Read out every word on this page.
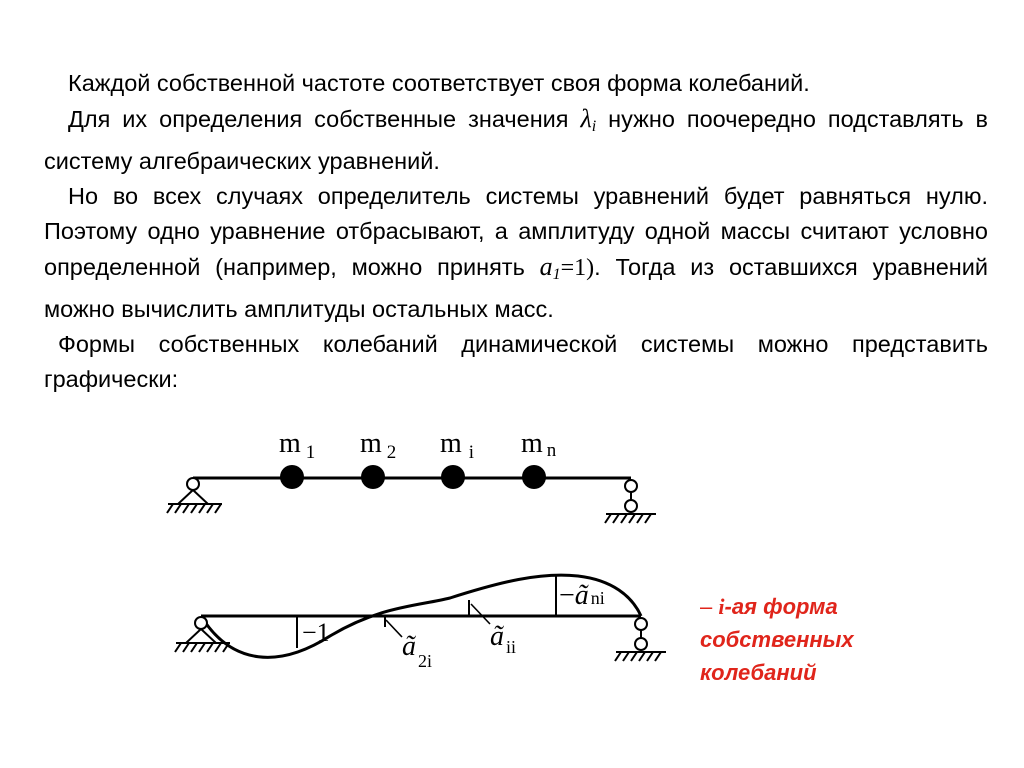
Каждой собственной частоте соответствует своя форма колебаний.

Для их определения собственные значения $\lambda_i$ нужно поочередно подставлять в систему алгебраических уравнений.

Но во всех случаях определитель системы уравнений будет равняться нулю. Поэтому одно уравнение отбрасывают, а амплитуду одной массы считают условно определенной (например, можно принять $a_1=1$). Тогда из оставшихся уравнений можно вычислить амплитуды остальных масс.

Формы собственных колебаний динамической системы можно представить графически:

m $_1$ m $_2$ m $_i$ m n
−1	ã $_{2i}$
ã $_{ii}$
−ã ni	– i-ая форма
собственных
колебаний
